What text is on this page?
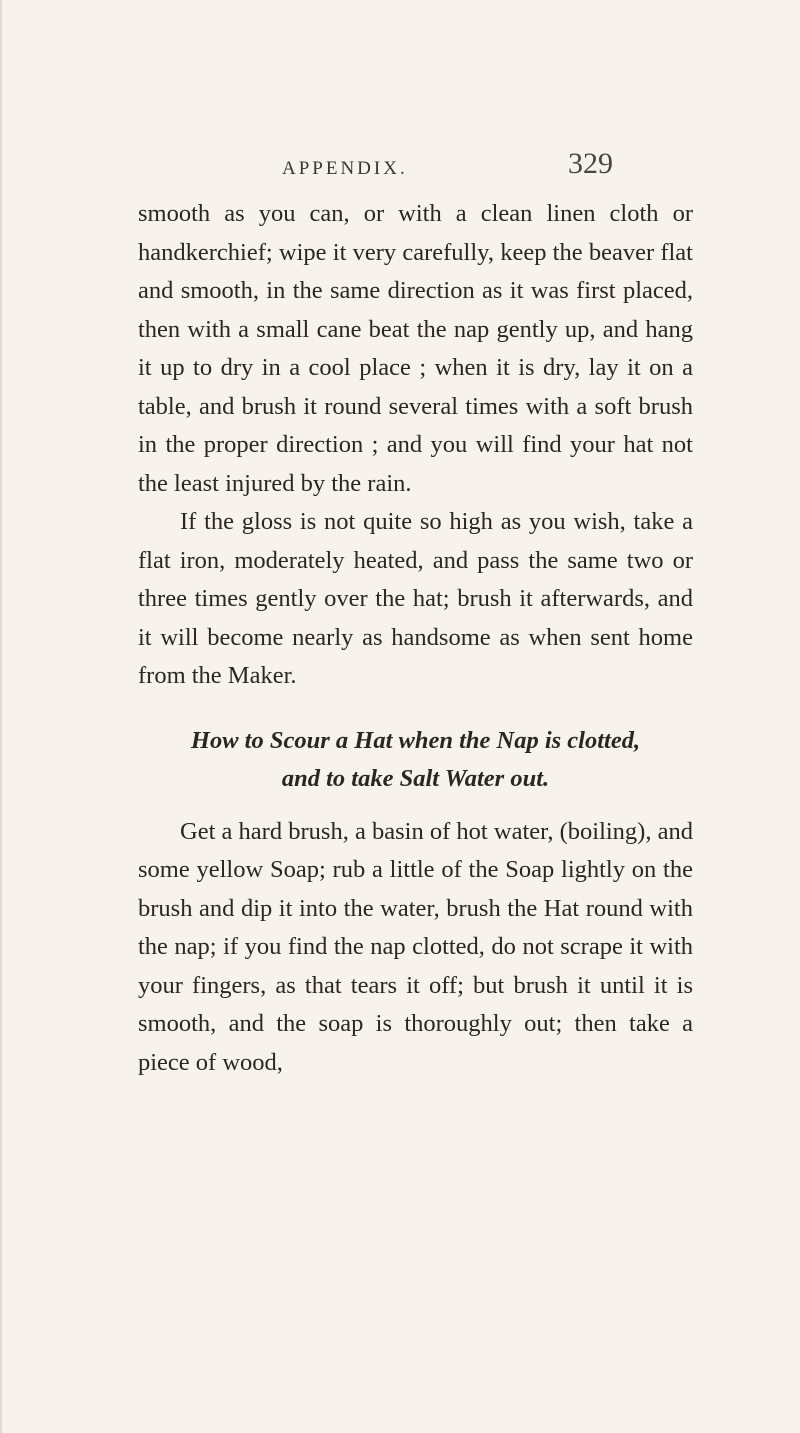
APPENDIX.	329

smooth as you can, or with a clean linen cloth or handkerchief; wipe it very carefully, keep the beaver flat and smooth, in the same direction as it was first placed, then with a small cane beat the nap gently up, and hang it up to dry in a cool place ; when it is dry, lay it on a table, and brush it round several times with a soft brush in the proper direction ; and you will find your hat not the least injured by the rain.

If the gloss is not quite so high as you wish, take a flat iron, moderately heated, and pass the same two or three times gently over the hat; brush it afterwards, and it will become nearly as handsome as when sent home from the Maker.

How to Scour a Hat when the Nap is clotted,
and to take Salt Water out.

Get a hard brush, a basin of hot water, (boiling), and some yellow Soap; rub a little of the Soap lightly on the brush and dip it into the water, brush the Hat round with the nap; if you find the nap clotted, do not scrape it with your fingers, as that tears it off; but brush it until it is smooth, and the soap is thoroughly out; then take a piece of wood,
